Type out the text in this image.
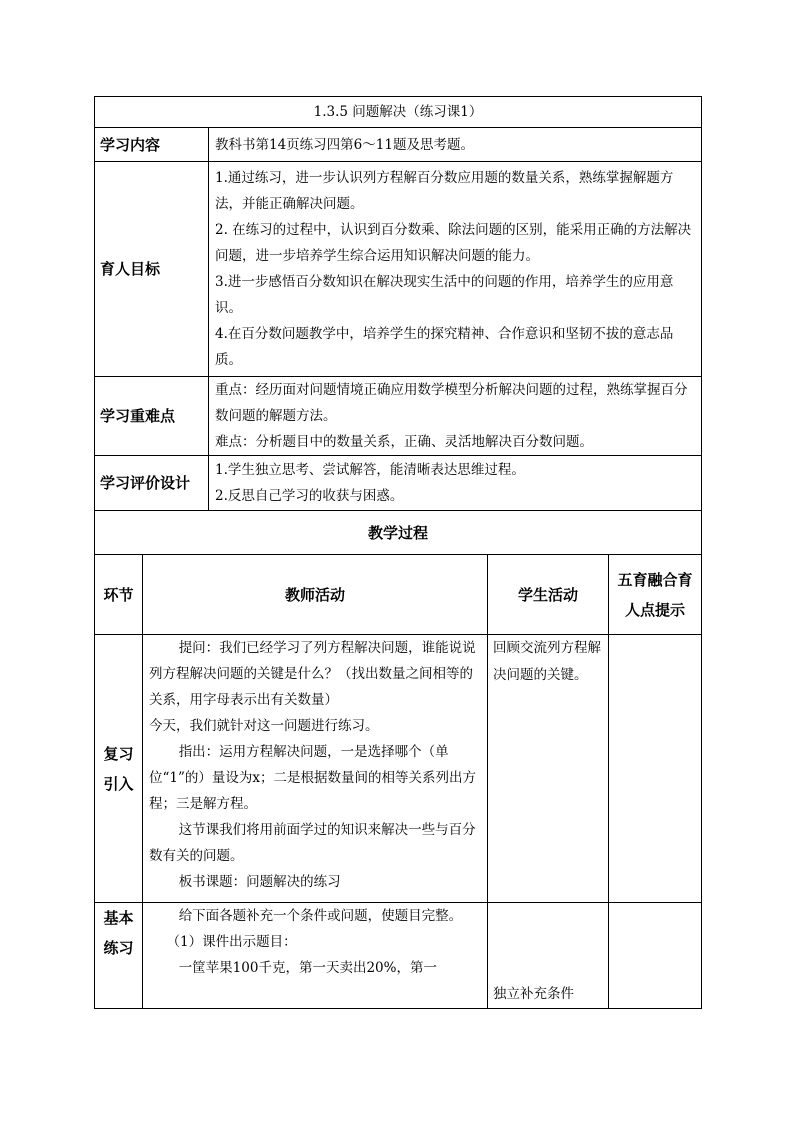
1.3.5 问题解决（练习课1）				
学习内容		教科书第14页练习四第6～11题及思考题。		
育人目标		1.通过练习，进一步认识列方程解百分数应用题的数量关系，熟练掌握解题方法，并能正确解决问题。

2. 在练习的过程中，认识到百分数乘、除法问题的区别，能采用正确的方法解决问题，进一步培养学生综合运用知识解决问题的能力。

3.进一步感悟百分数知识在解决现实生活中的问题的作用，培养学生的应用意识。

4.在百分数问题教学中，培养学生的探究精神、合作意识和坚韧不拔的意志品质。		

学习重难点		重点：经历面对问题情境正确应用数学模型分析解决问题的过程，熟练掌握百分数问题的解题方法。

难点：分析题目中的数量关系，正确、灵活地解决百分数问题。		

学习评价设计		1.学生独立思考、尝试解答，能清晰表达思维过程。

2.反思自己学习的收获与困惑。		

教学过程				
环节	教师活动		学生活动	五育融合育人点提示
复习引入	提问：我们已经学习了列方程解决问题，谁能说说列方程解决问题的关键是什么？（找出数量之间相等的关系，用字母表示出有关数量）

今天，我们就针对这一问题进行练习。

指出：运用方程解决问题，一是选择哪个（单位“1”的）量设为x；二是根据数量间的相等关系列出方程；三是解方程。

这节课我们将用前面学过的知识来解决一些与百分数有关的问题。

板书课题：问题解决的练习		回顾交流列方程解决问题的关键。	
基本练习	给下面各题补充一个条件或问题，使题目完整。

（1）课件出示题目：

一筐苹果100千克，第一天卖出20%，第一		独立补充条件	
